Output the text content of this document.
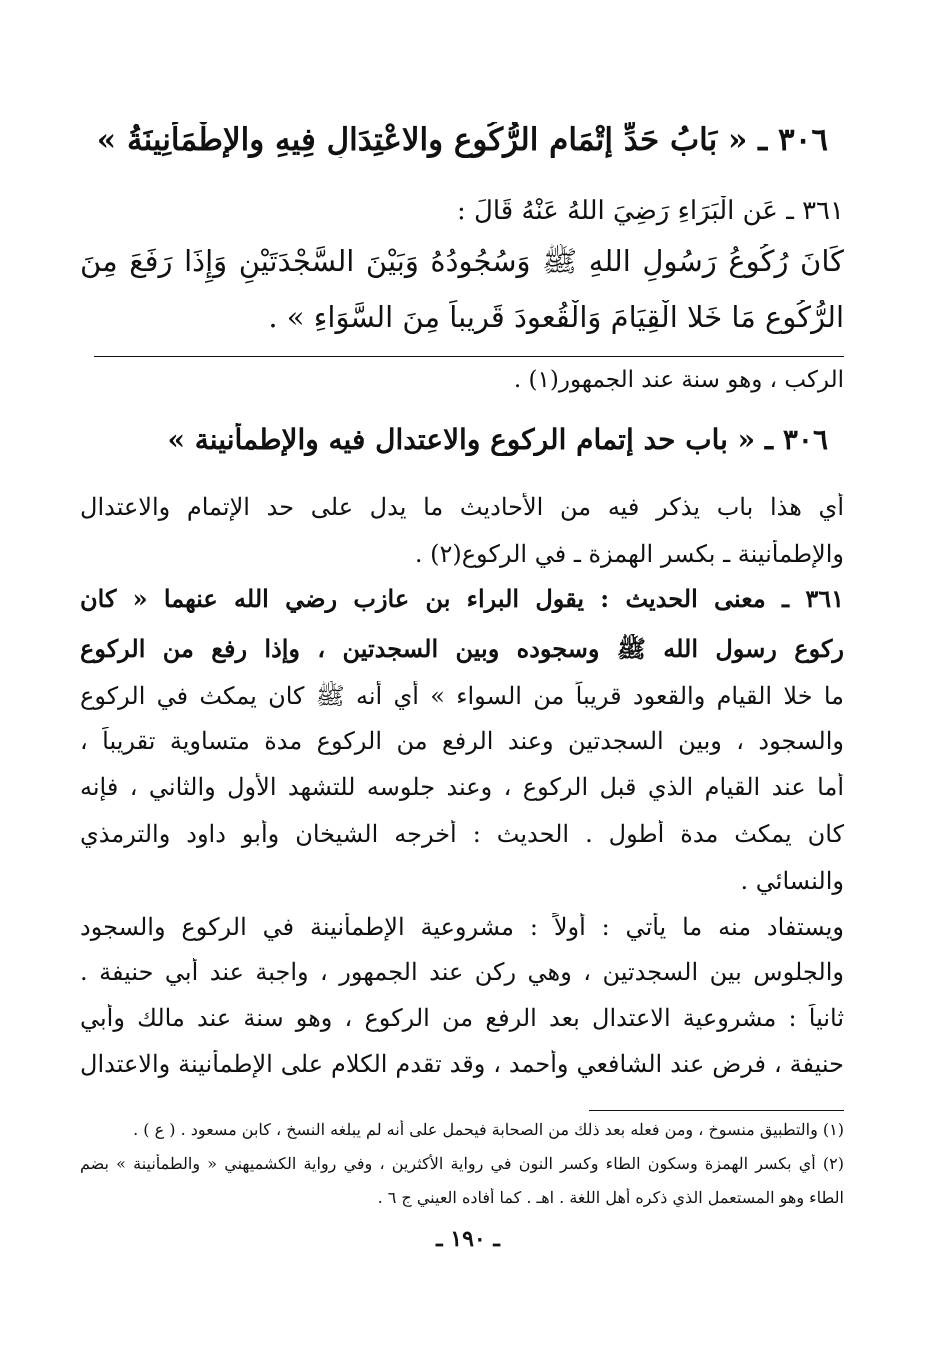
٣٠٦ ـ « بَابُ حَدِّ إتْمَامِ الرُّكُوعِ والاعْتِدَالِ فِيهِ والإطْمَأْنِينَةُ »
٣٦١ ـ عَنِ الْبَرَاءِ رَضِيَ اللهُ عَنْهُ قَالَ :
كَانَ رُكُوعُ رَسُولِ اللهِ ﷺ وَسُجُودُهُ وَبَيْنَ السَّجْدَتَيْنِ وَإِذَا رَفَعَ مِنَ
الرُّكُوعِ مَا خَلا الْقِيَامَ وَالْقُعودَ قَرِيباً مِنَ السَّوَاءِ » .
الركب ، وهو سنة عند الجمهور(١) .
٣٠٦ ـ « باب حد إتمام الركوع والاعتدال فيه والإطمأنينة »
أي هذا باب يذكر فيه من الأحاديث ما يدل على حد الإتمام والاعتدال
والإطمأنينة ـ بكسر الهمزة ـ في الركوع(٢) .
٣٦١ ـ معنى الحديث : يقول البراء بن عازب رضي الله عنهما « كان
ركوع رسول الله ﷺ وسجوده وبين السجدتين ، وإذا رفع من الركوع
ما خلا القيام والقعود قريباً من السواء » أي أنه ﷺ كان يمكث في الركوع
والسجود ، وبين السجدتين وعند الرفع من الركوع مدة متساوية تقريباً ،
أما عند القيام الذي قبل الركوع ، وعند جلوسه للتشهد الأول والثاني ، فإنه
كان يمكث مدة أطول . الحديث : أخرجه الشيخان وأبو داود والترمذي
والنسائي .
ويستفاد منه ما يأتي : أولاً : مشروعية الإطمأنينة في الركوع والسجود
والجلوس بين السجدتين ، وهي ركن عند الجمهور ، واجبة عند أبي حنيفة .
ثانياً : مشروعية الاعتدال بعد الرفع من الركوع ، وهو سنة عند مالك وأبي
حنيفة ، فرض عند الشافعي وأحمد ، وقد تقدم الكلام على الإطمأنينة والاعتدال
(١) والتطبيق منسوخ ، ومن فعله بعد ذلك من الصحابة فيحمل على أنه لم يبلغه النسخ ، كابن مسعود . ( ع ) .
(٢) أي بكسر الهمزة وسكون الطاء وكسر النون في رواية الأكثرين ، وفي رواية الكشميهني « والطمأنينة » بضم
الطاء وهو المستعمل الذي ذكره أهل اللغة . اهـ . كما أفاده العيني ج ٦ .
ـ ١٩٠ ـ
